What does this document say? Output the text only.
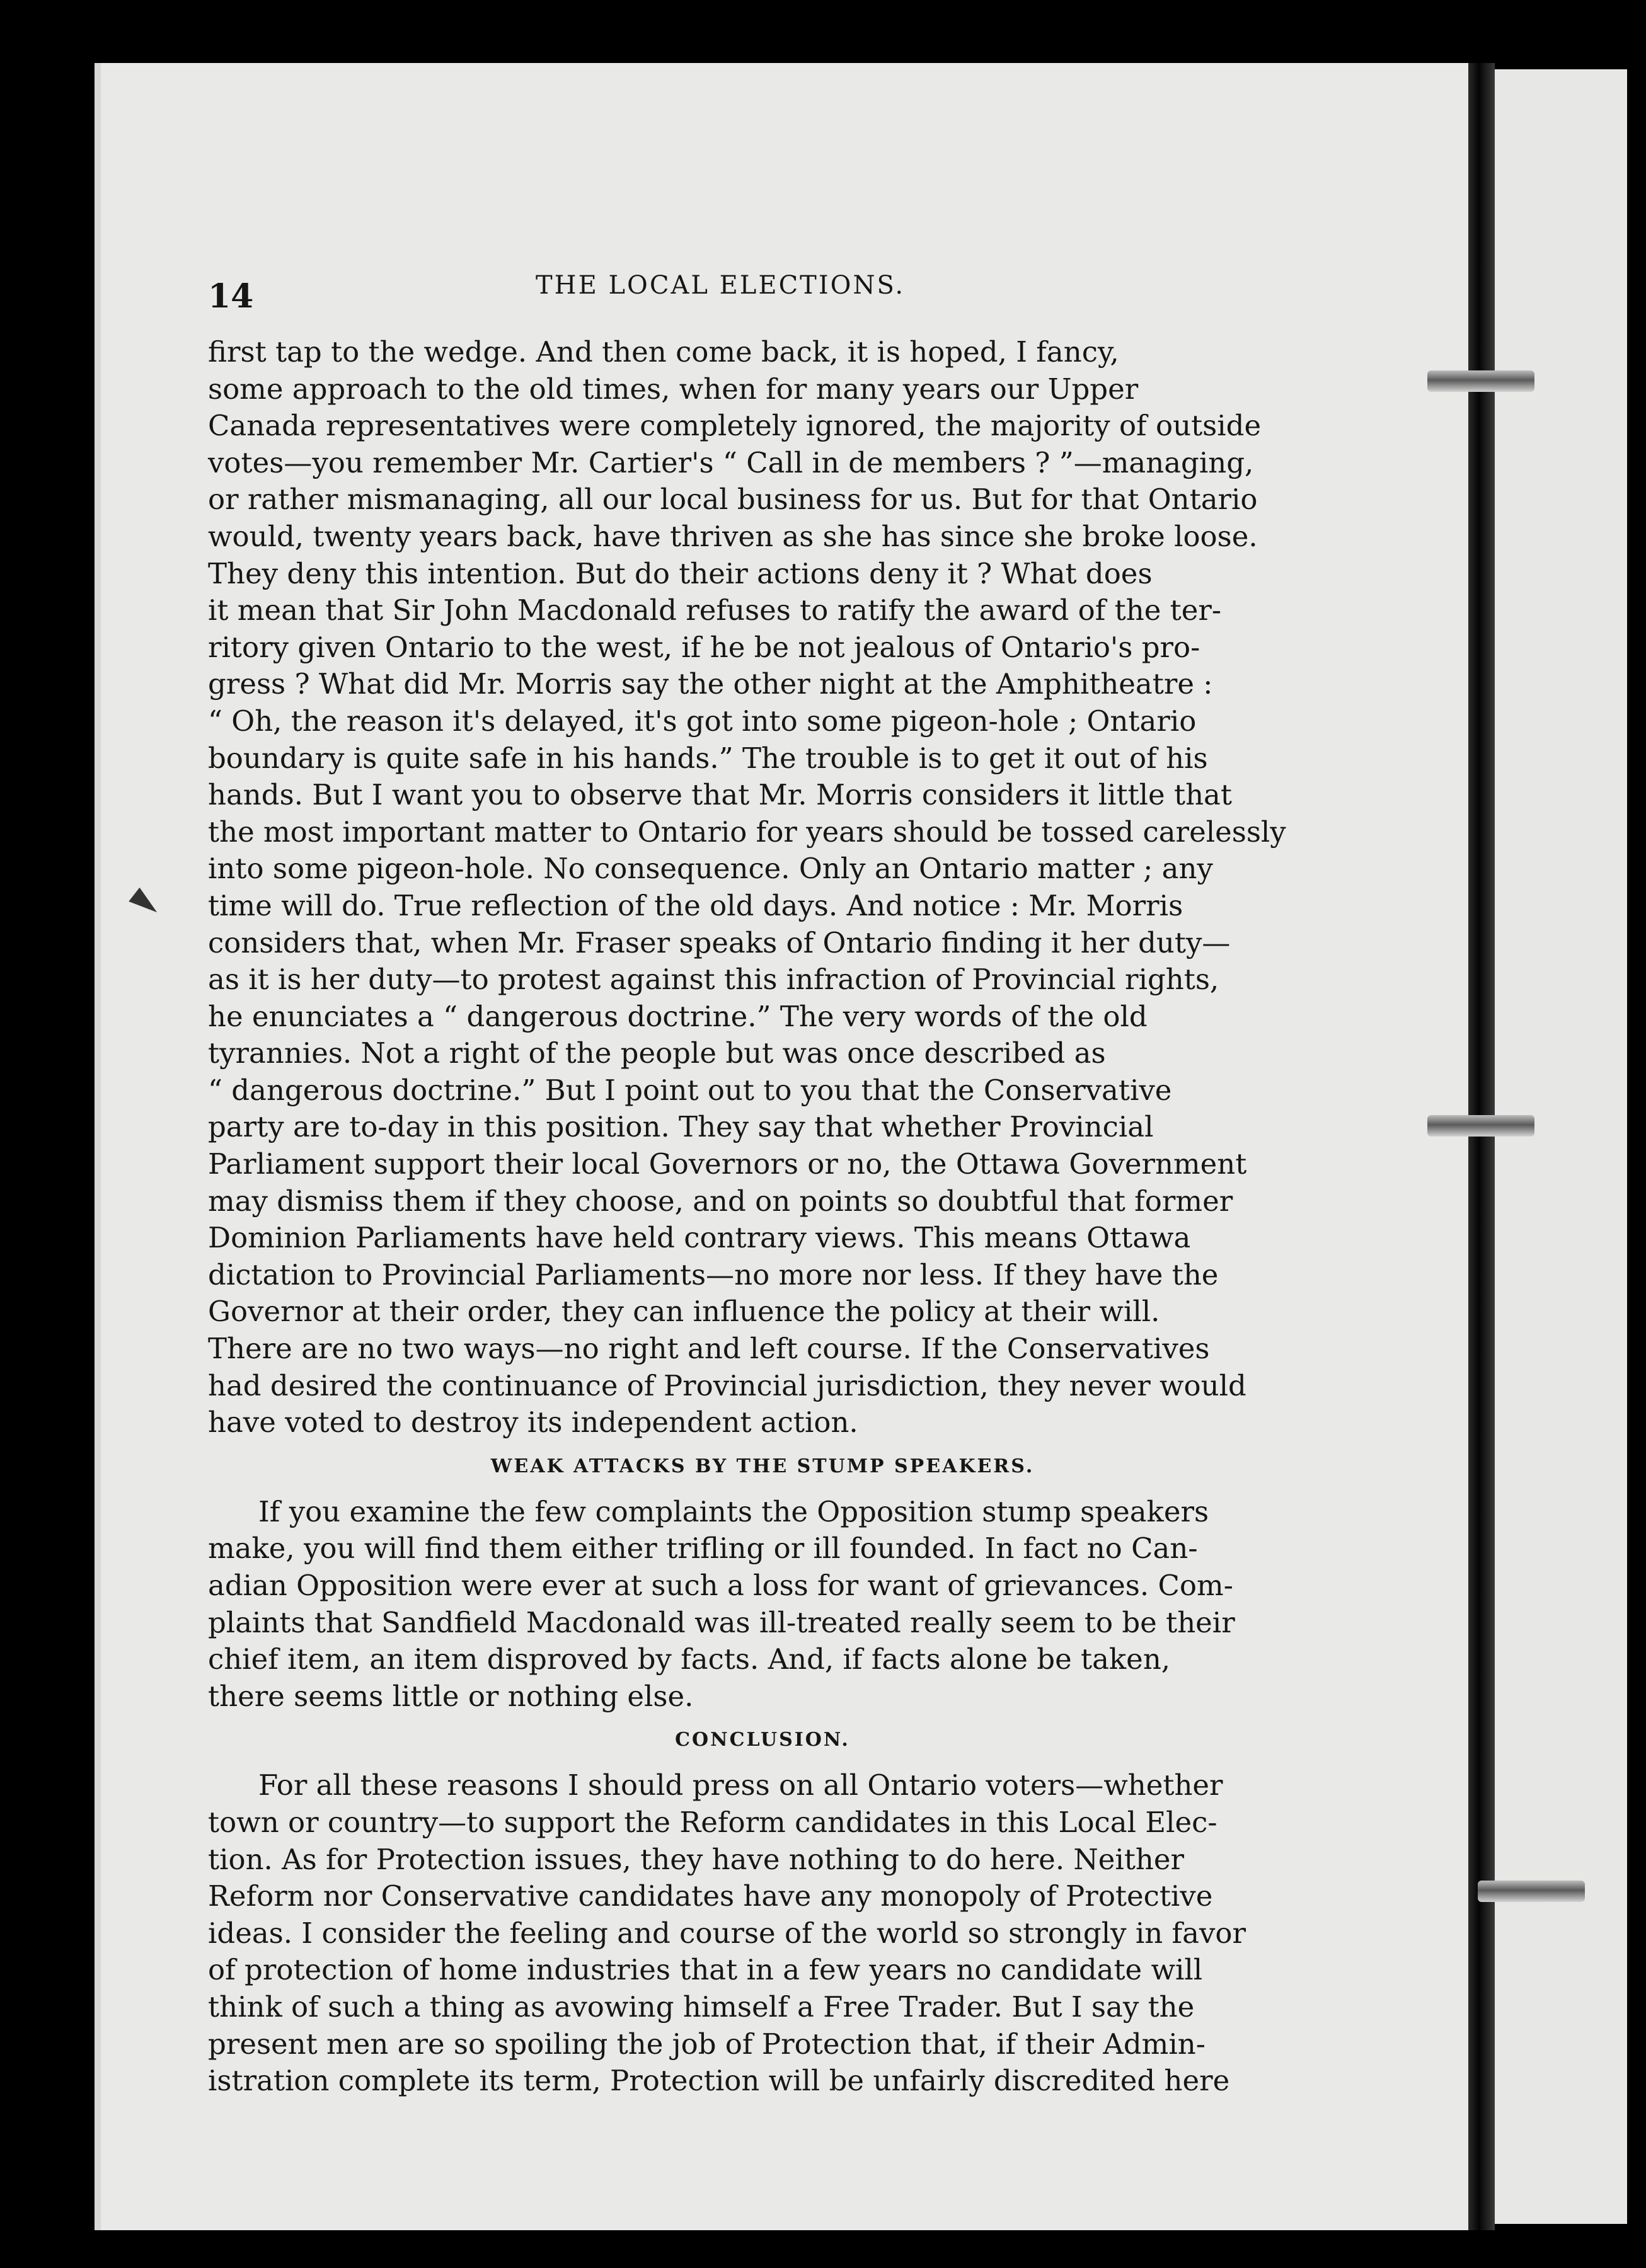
14	THE LOCAL ELECTIONS.
first tap to the wedge. And then come back, it is hoped, I fancy,
some approach to the old times, when for many years our Upper
Canada representatives were completely ignored, the majority of outside
votes—you remember Mr. Cartier's “ Call in de members ? ”—managing,
or rather mismanaging, all our local business for us. But for that Ontario
would, twenty years back, have thriven as she has since she broke loose.
They deny this intention. But do their actions deny it ? What does
it mean that Sir John Macdonald refuses to ratify the award of the ter-
ritory given Ontario to the west, if he be not jealous of Ontario's pro-
gress ? What did Mr. Morris say the other night at the Amphitheatre :
“ Oh, the reason it's delayed, it's got into some pigeon-hole ; Ontario
boundary is quite safe in his hands.” The trouble is to get it out of his
hands. But I want you to observe that Mr. Morris considers it little that
the most important matter to Ontario for years should be tossed carelessly
into some pigeon-hole. No consequence. Only an Ontario matter ; any
time will do. True reflection of the old days. And notice : Mr. Morris
considers that, when Mr. Fraser speaks of Ontario finding it her duty—
as it is her duty—to protest against this infraction of Provincial rights,
he enunciates a “ dangerous doctrine.” The very words of the old
tyrannies. Not a right of the people but was once described as
“ dangerous doctrine.” But I point out to you that the Conservative
party are to-day in this position. They say that whether Provincial
Parliament support their local Governors or no, the Ottawa Government
may dismiss them if they choose, and on points so doubtful that former
Dominion Parliaments have held contrary views. This means Ottawa
dictation to Provincial Parliaments—no more nor less. If they have the
Governor at their order, they can influence the policy at their will.
There are no two ways—no right and left course. If the Conservatives
had desired the continuance of Provincial jurisdiction, they never would
have voted to destroy its independent action.
WEAK ATTACKS BY THE STUMP SPEAKERS.
If you examine the few complaints the Opposition stump speakers
make, you will find them either trifling or ill founded. In fact no Can-
adian Opposition were ever at such a loss for want of grievances. Com-
plaints that Sandfield Macdonald was ill-treated really seem to be their
chief item, an item disproved by facts. And, if facts alone be taken,
there seems little or nothing else.
CONCLUSION.
For all these reasons I should press on all Ontario voters—whether
town or country—to support the Reform candidates in this Local Elec-
tion. As for Protection issues, they have nothing to do here. Neither
Reform nor Conservative candidates have any monopoly of Protective
ideas. I consider the feeling and course of the world so strongly in favor
of protection of home industries that in a few years no candidate will
think of such a thing as avowing himself a Free Trader. But I say the
present men are so spoiling the job of Protection that, if their Admin-
istration complete its term, Protection will be unfairly discredited here
